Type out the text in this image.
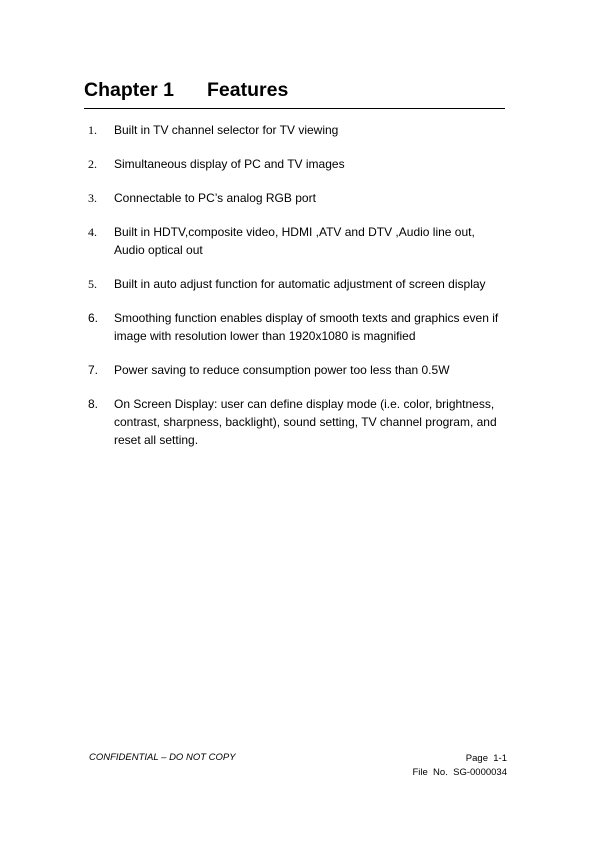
Chapter 1 Features
1. Built in TV channel selector for TV viewing
2. Simultaneous display of PC and TV images
3. Connectable to PC’s analog RGB port
4. Built in HDTV,composite video, HDMI ,ATV and DTV ,Audio line out, Audio optical out
5. Built in auto adjust function for automatic adjustment of screen display
6. Smoothing function enables display of smooth texts and graphics even if image with resolution lower than 1920x1080 is magnified
7. Power saving to reduce consumption power too less than 0.5W
8. On Screen Display: user can define display mode (i.e. color, brightness, contrast, sharpness, backlight), sound setting, TV channel program, and reset all setting.
CONFIDENTIAL – DO NOT COPY	Page  1-1
File  No.  SG-0000034
